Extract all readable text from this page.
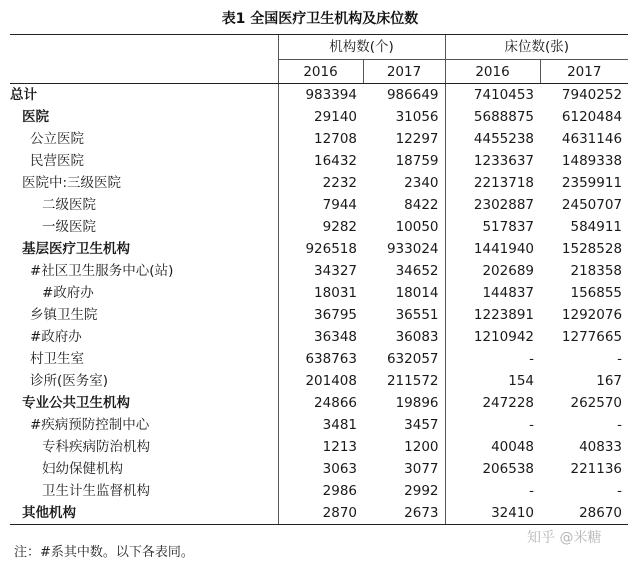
表1 全国医疗卫生机构及床位数
	机构数(个)		床位数(张)	
	2016	2017	2016	2017
总计	983394	986649	7410453	7940252
医院	29140	31056	5688875	6120484
公立医院	12708	12297	4455238	4631146
民营医院	16432	18759	1233637	1489338
医院中:三级医院	2232	2340	2213718	2359911
二级医院	7944	8422	2302887	2450707
一级医院	9282	10050	517837	584911
基层医疗卫生机构	926518	933024	1441940	1528528
#社区卫生服务中心(站)	34327	34652	202689	218358
#政府办	18031	18014	144837	156855
乡镇卫生院	36795	36551	1223891	1292076
#政府办	36348	36083	1210942	1277665
村卫生室	638763	632057	-	-
诊所(医务室)	201408	211572	154	167
专业公共卫生机构	24866	19896	247228	262570
#疾病预防控制中心	3481	3457	-	-
专科疾病防治机构	1213	1200	40048	40833
妇幼保健机构	3063	3077	206538	221136
卫生计生监督机构	2986	2992	-	-
其他机构	2870	2673	32410	28670
知乎 @米糖
注：#系其中数。以下各表同。
